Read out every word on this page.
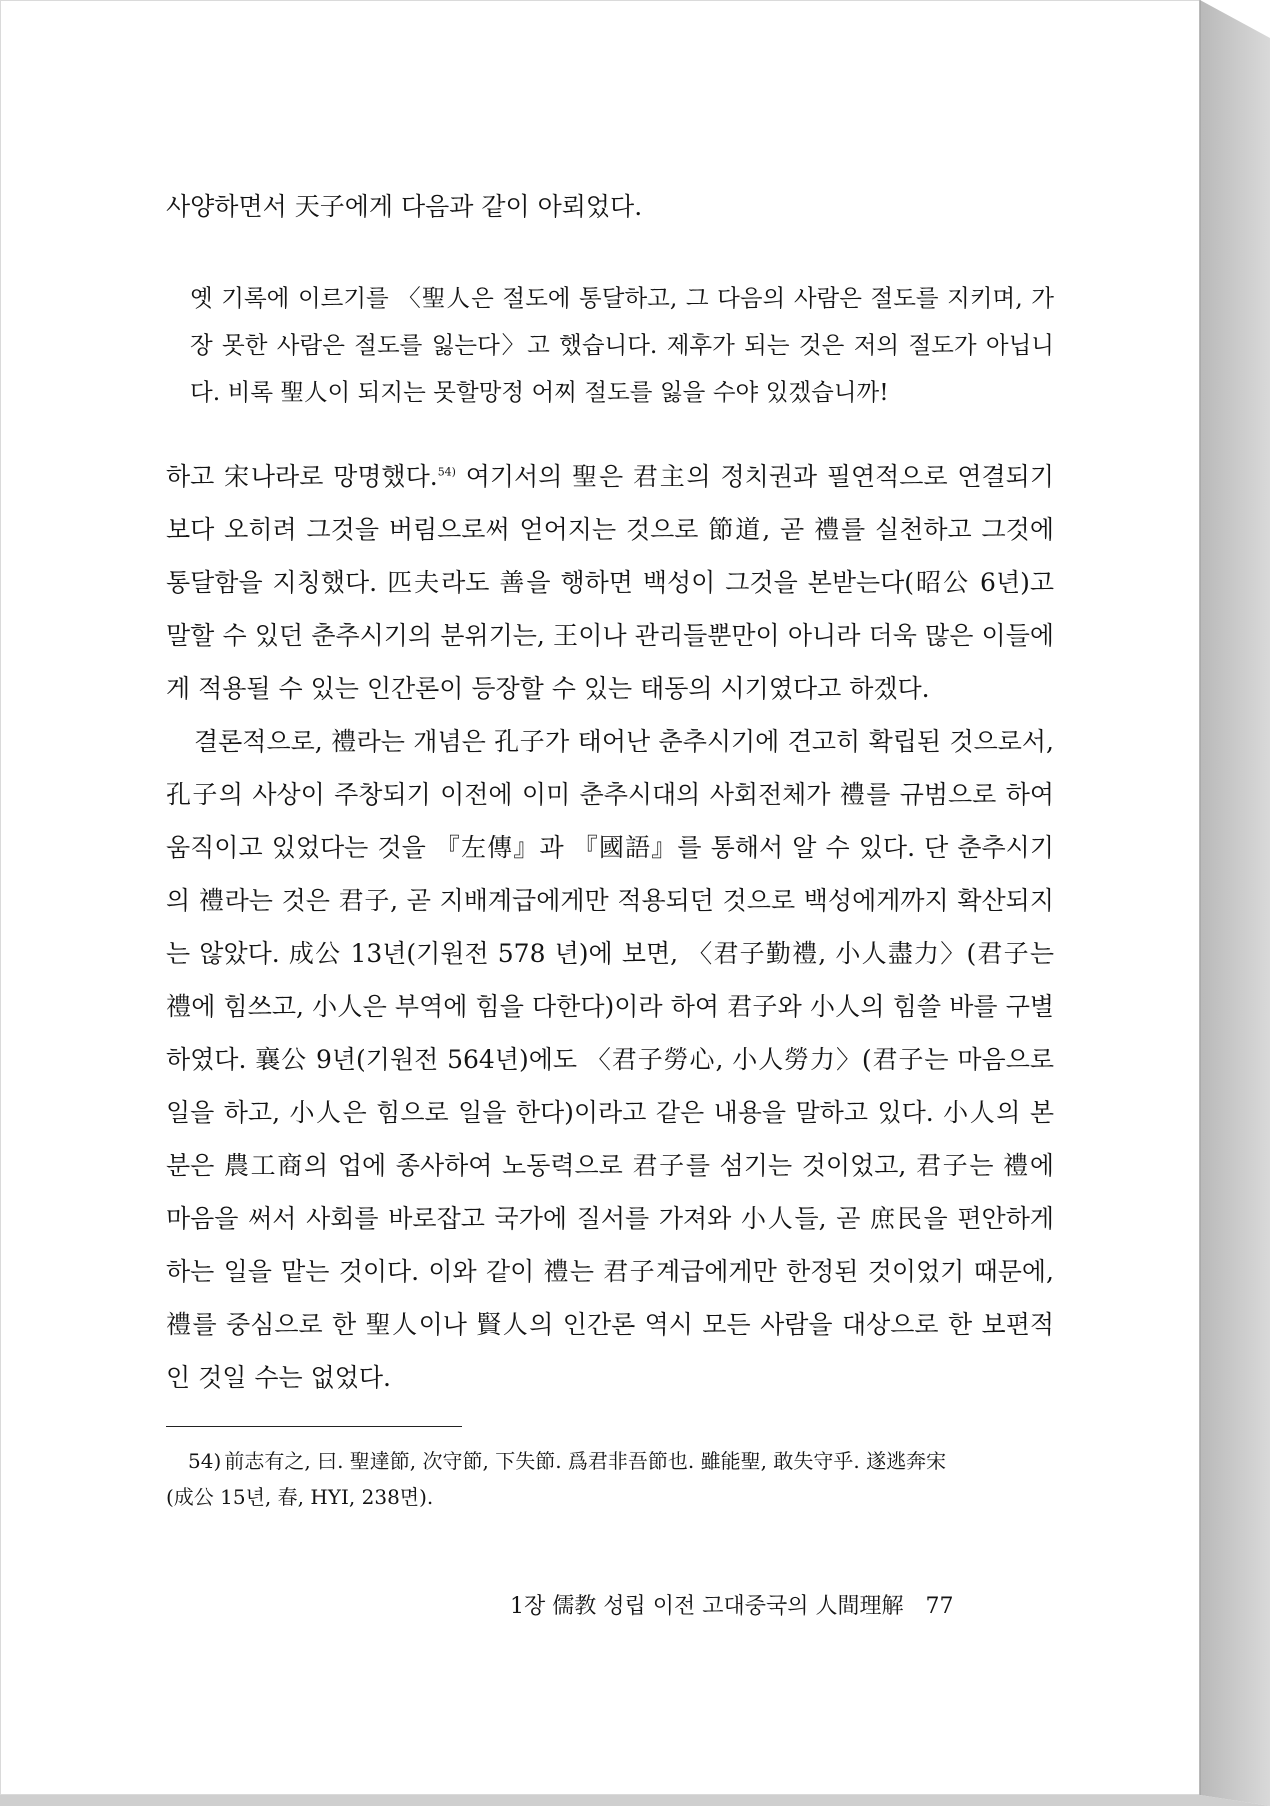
사양하면서 天子에게 다음과 같이 아뢰었다.

옛 기록에 이르기를 〈聖人은 절도에 통달하고, 그 다음의 사람은 절도를 지키며, 가장 못한 사람은 절도를 잃는다〉고 했습니다. 제후가 되는 것은 저의 절도가 아닙니다. 비록 聖人이 되지는 못할망정 어찌 절도를 잃을 수야 있겠습니까!

하고 宋나라로 망명했다.$^{54)}$ 여기서의 聖은 君主의 정치권과 필연적으로 연결되기보다 오히려 그것을 버림으로써 얻어지는 것으로 節道, 곧 禮를 실천하고 그것에 통달함을 지칭했다. 匹夫라도 善을 행하면 백성이 그것을 본받는다(昭公 6년)고 말할 수 있던 춘추시기의 분위기는, 王이나 관리들뿐만이 아니라 더욱 많은 이들에게 적용될 수 있는 인간론이 등장할 수 있는 태동의 시기였다고 하겠다.

결론적으로, 禮라는 개념은 孔子가 태어난 춘추시기에 견고히 확립된 것으로서, 孔子의 사상이 주창되기 이전에 이미 춘추시대의 사회전체가 禮를 규범으로 하여 움직이고 있었다는 것을 『左傳』과 『國語』를 통해서 알 수 있다. 단 춘추시기의 禮라는 것은 君子, 곧 지배계급에게만 적용되던 것으로 백성에게까지 확산되지는 않았다. 成公 13년(기원전 578 년)에 보면, 〈君子勤禮, 小人盡力〉(君子는 禮에 힘쓰고, 小人은 부역에 힘을 다한다)이라 하여 君子와 小人의 힘쓸 바를 구별하였다. 襄公 9년(기원전 564년)에도 〈君子勞心, 小人勞力〉(君子는 마음으로 일을 하고, 小人은 힘으로 일을 한다)이라고 같은 내용을 말하고 있다. 小人의 본분은 農工商의 업에 종사하여 노동력으로 君子를 섬기는 것이었고, 君子는 禮에 마음을 써서 사회를 바로잡고 국가에 질서를 가져와 小人들, 곧 庶民을 편안하게 하는 일을 맡는 것이다. 이와 같이 禮는 君子계급에게만 한정된 것이었기 때문에, 禮를 중심으로 한 聖人이나 賢人의 인간론 역시 모든 사람을 대상으로 한 보편적인 것일 수는 없었다.

54) 前志有之, 曰. 聖達節, 次守節, 下失節. 爲君非吾節也. 雖能聖, 敢失守乎. 遂逃奔宋

(成公 15년, 春, HYI, 238면).

1장 儒教 성립 이전 고대중국의 人間理解 77
